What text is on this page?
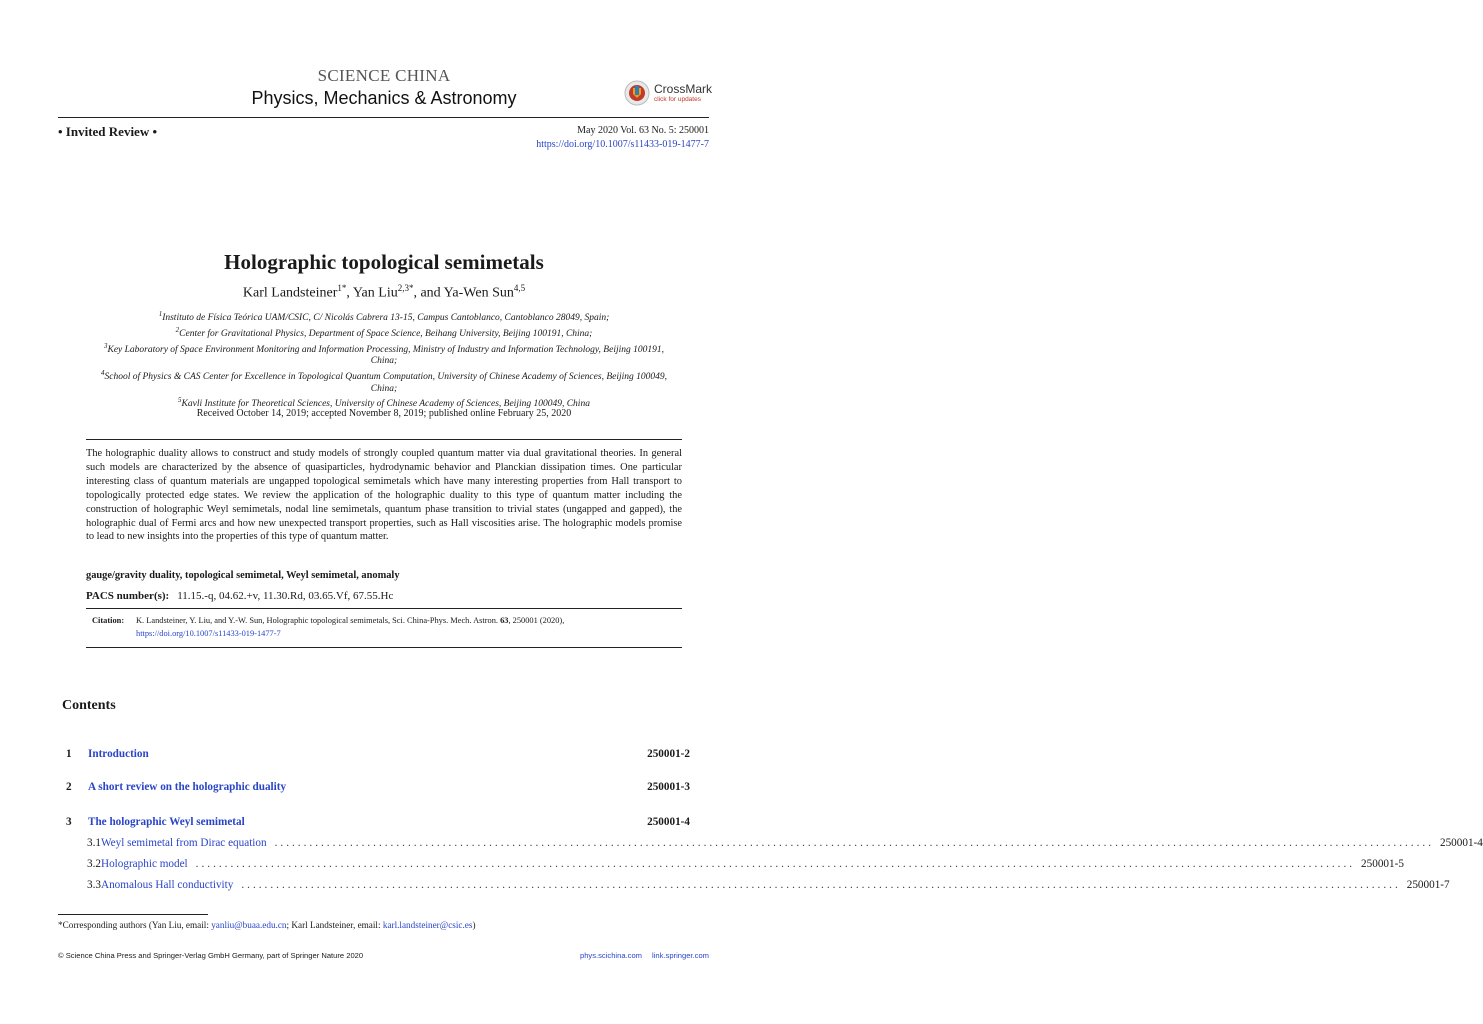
SCIENCE CHINA
Physics, Mechanics & Astronomy	CrossMark
click for updates
• Invited Review •	May 2020 Vol. 63 No. 5: 250001
https://doi.org/10.1007/s11433-019-1477-7
Holographic topological semimetals
Karl Landsteiner$^{1*}$, Yan Liu$^{2,3*}$, and Ya-Wen Sun$^{4,5}$
$^1$Instituto de Física Teórica UAM/CSIC, C/ Nicolás Cabrera 13-15, Campus Cantoblanco, Cantoblanco 28049, Spain;
$^2$Center for Gravitational Physics, Department of Space Science, Beihang University, Beijing 100191, China;
$^3$Key Laboratory of Space Environment Monitoring and Information Processing, Ministry of Industry and Information Technology, Beijing 100191, China;
$^4$School of Physics & CAS Center for Excellence in Topological Quantum Computation, University of Chinese Academy of Sciences, Beijing 100049, China;
$^5$Kavli Institute for Theoretical Sciences, University of Chinese Academy of Sciences, Beijing 100049, China
Received October 14, 2019; accepted November 8, 2019; published online February 25, 2020
The holographic duality allows to construct and study models of strongly coupled quantum matter via dual gravitational theories. In general such models are characterized by the absence of quasiparticles, hydrodynamic behavior and Planckian dissipation times. One particular interesting class of quantum materials are ungapped topological semimetals which have many interesting properties from Hall transport to topologically protected edge states. We review the application of the holographic duality to this type of quantum matter including the construction of holographic Weyl semimetals, nodal line semimetals, quantum phase transition to trivial states (ungapped and gapped), the holographic dual of Fermi arcs and how new unexpected transport properties, such as Hall viscosities arise. The holographic models promise to lead to new insights into the properties of this type of quantum matter.
gauge/gravity duality, topological semimetal, Weyl semimetal, anomaly
PACS number(s): 11.15.-q, 04.62.+v, 11.30.Rd, 03.65.Vf, 67.55.Hc
Citation:	K. Landsteiner, Y. Liu, and Y.-W. Sun, Holographic topological semimetals, Sci. China-Phys. Mech. Astron. 63, 250001 (2020),
https://doi.org/10.1007/s11433-019-1477-7
Contents
1	Introduction	250001-2
2	A short review on the holographic duality	250001-3
3	The holographic Weyl semimetal	250001-4
3.1 Weyl semimetal from Dirac equation ........................................................................................................................................................................................................ 250001-4
3.2 Holographic model ........................................................................................................................................................................................................ 250001-5
3.3 Anomalous Hall conductivity ........................................................................................................................................................................................................ 250001-7
*Corresponding authors (Yan Liu, email: yanliu@buaa.edu.cn; Karl Landsteiner, email: karl.landsteiner@csic.es)
© Science China Press and Springer-Verlag GmbH Germany, part of Springer Nature 2020	phys.scichina.com link.springer.com
